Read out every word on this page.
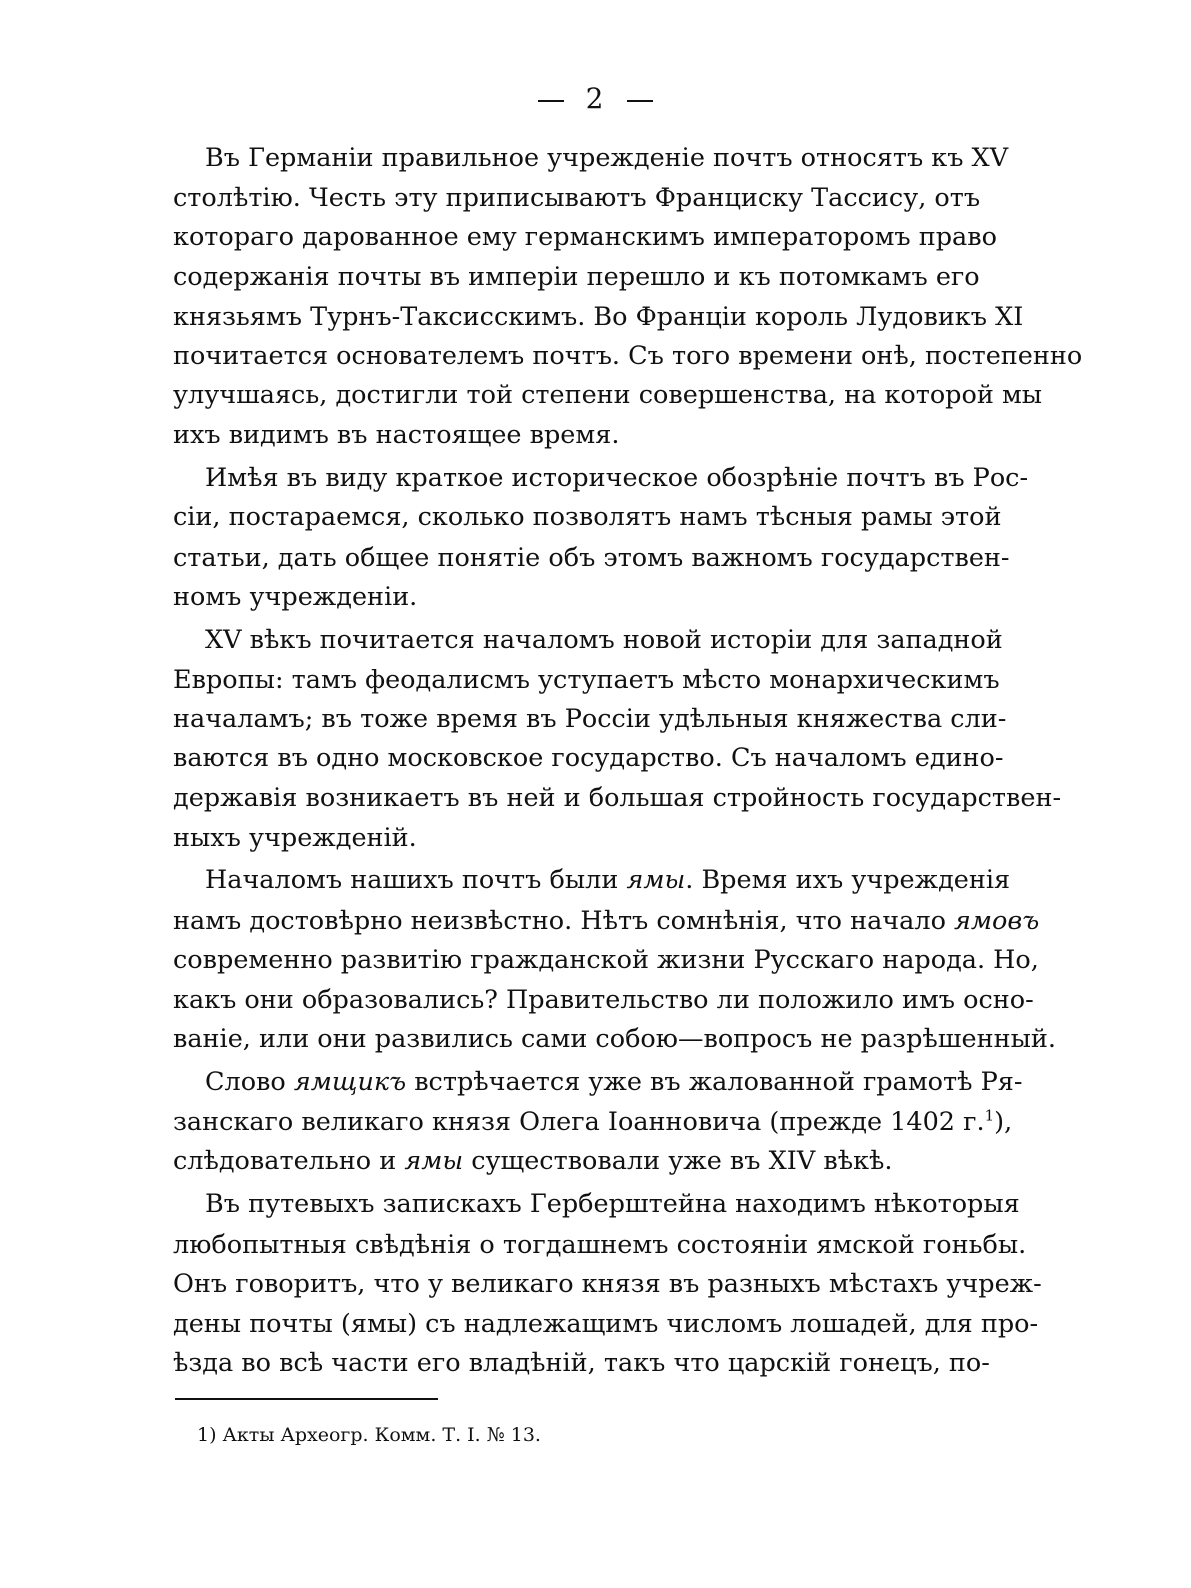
2
Въ Германіи правильное учрежденіе почтъ относятъ къ XV
столѣтію. Честь эту приписываютъ Франциску Тассису, отъ
котораго дарованное ему германскимъ императоромъ право
содержанія почты въ имперіи перешло и къ потомкамъ его
князьямъ Турнъ-Таксисскимъ. Во Франціи король Лудовикъ XI
почитается основателемъ почтъ. Съ того времени онѣ, постепенно
улучшаясь, достигли той степени совершенства, на которой мы
ихъ видимъ въ настоящее время.
Имѣя въ виду краткое историческое обозрѣніе почтъ въ Рос-
сіи, постараемся, сколько позволятъ намъ тѣсныя рамы этой
статьи, дать общее понятіе объ этомъ важномъ государствен-
номъ учрежденіи.
XV вѣкъ почитается началомъ новой исторіи для западной
Европы: тамъ феодалисмъ уступаетъ мѣсто монархическимъ
началамъ; въ тоже время въ Россіи удѣльныя княжества сли-
ваются въ одно московское государство. Съ началомъ едино-
державія возникаетъ въ ней и большая стройность государствен-
ныхъ учрежденій.
Началомъ нашихъ почтъ были ямы. Время ихъ учрежденія
намъ достовѣрно неизвѣстно. Нѣтъ сомнѣнія, что начало ямовъ
современно развитію гражданской жизни Русскаго народа. Но,
какъ они образовались? Правительство ли положило имъ осно-
ваніе, или они развились сами собою—вопросъ не разрѣшенный.
Слово ямщикъ встрѣчается уже въ жалованной грамотѣ Ря-
занскаго великаго князя Олега Іоанновича (прежде 1402 г.$^1$),
слѣдовательно и ямы существовали уже въ XIV вѣкѣ.
Въ путевыхъ запискахъ Герберштейна находимъ нѣкоторыя
любопытныя свѣдѣнія о тогдашнемъ состояніи ямской гоньбы.
Онъ говоритъ, что у великаго князя въ разныхъ мѣстахъ учреж-
дены почты (ямы) съ надлежащимъ числомъ лошадей, для про-
ѣзда во всѣ части его владѣній, такъ что царскій гонецъ, по-
1) Акты Археогр. Комм. Т. I. № 13.
